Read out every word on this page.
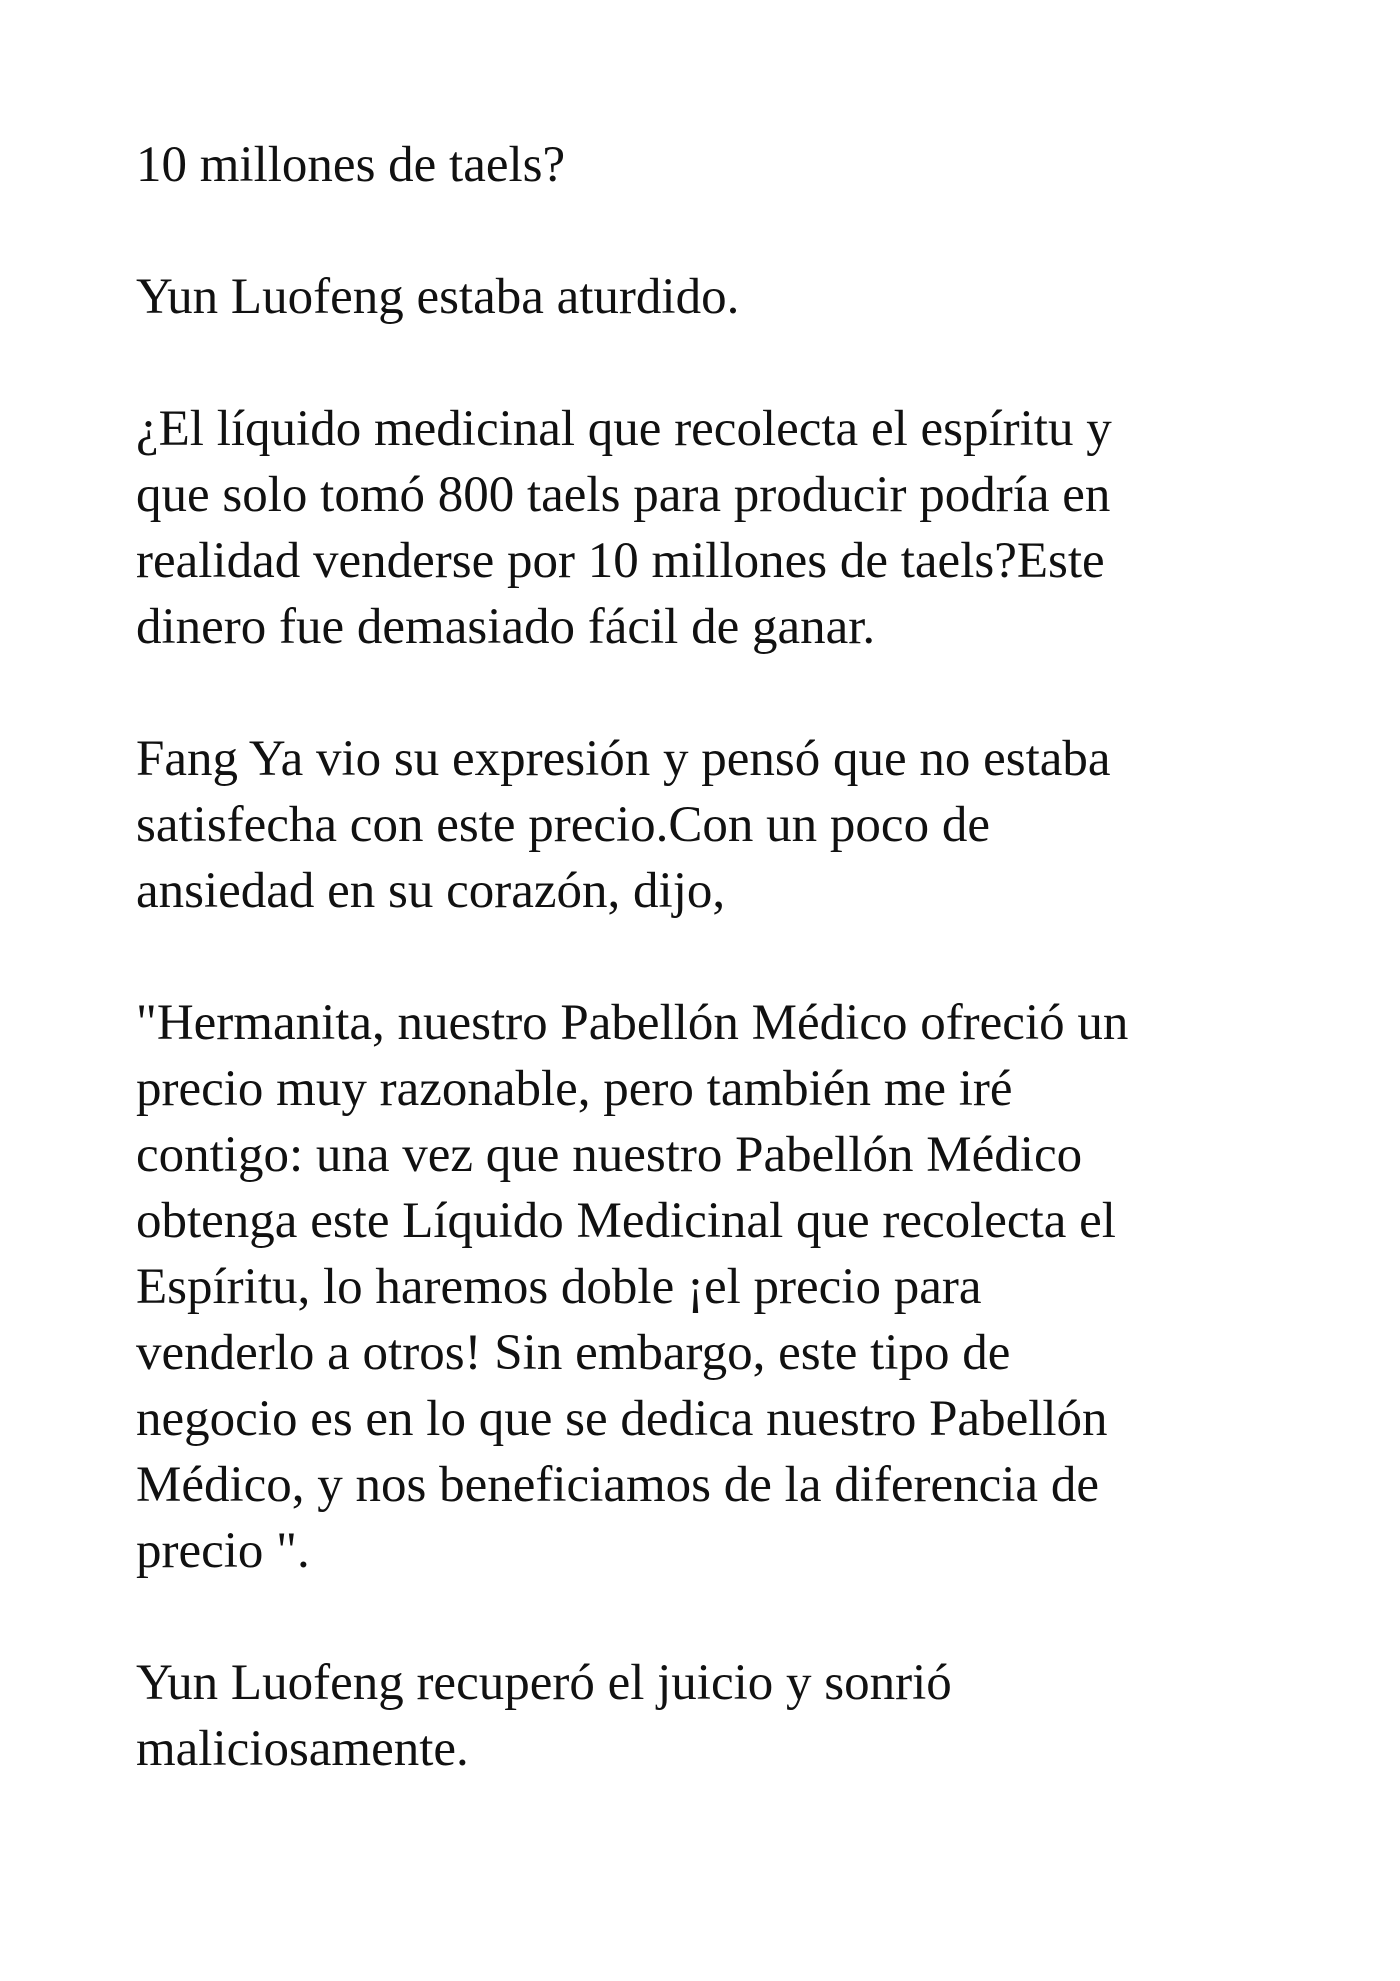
10 millones de taels?

Yun Luofeng estaba aturdido.

¿El líquido medicinal que recolecta el espíritu y
que solo tomó 800 taels para producir podría en
realidad venderse por 10 millones de taels?Este
dinero fue demasiado fácil de ganar.

Fang Ya vio su expresión y pensó que no estaba
satisfecha con este precio.Con un poco de
ansiedad en su corazón, dijo,

"Hermanita, nuestro Pabellón Médico ofreció un
precio muy razonable, pero también me iré
contigo: una vez que nuestro Pabellón Médico
obtenga este Líquido Medicinal que recolecta el
Espíritu, lo haremos doble ¡el precio para
venderlo a otros! Sin embargo, este tipo de
negocio es en lo que se dedica nuestro Pabellón
Médico, y nos beneficiamos de la diferencia de
precio ".

Yun Luofeng recuperó el juicio y sonrió
maliciosamente.
